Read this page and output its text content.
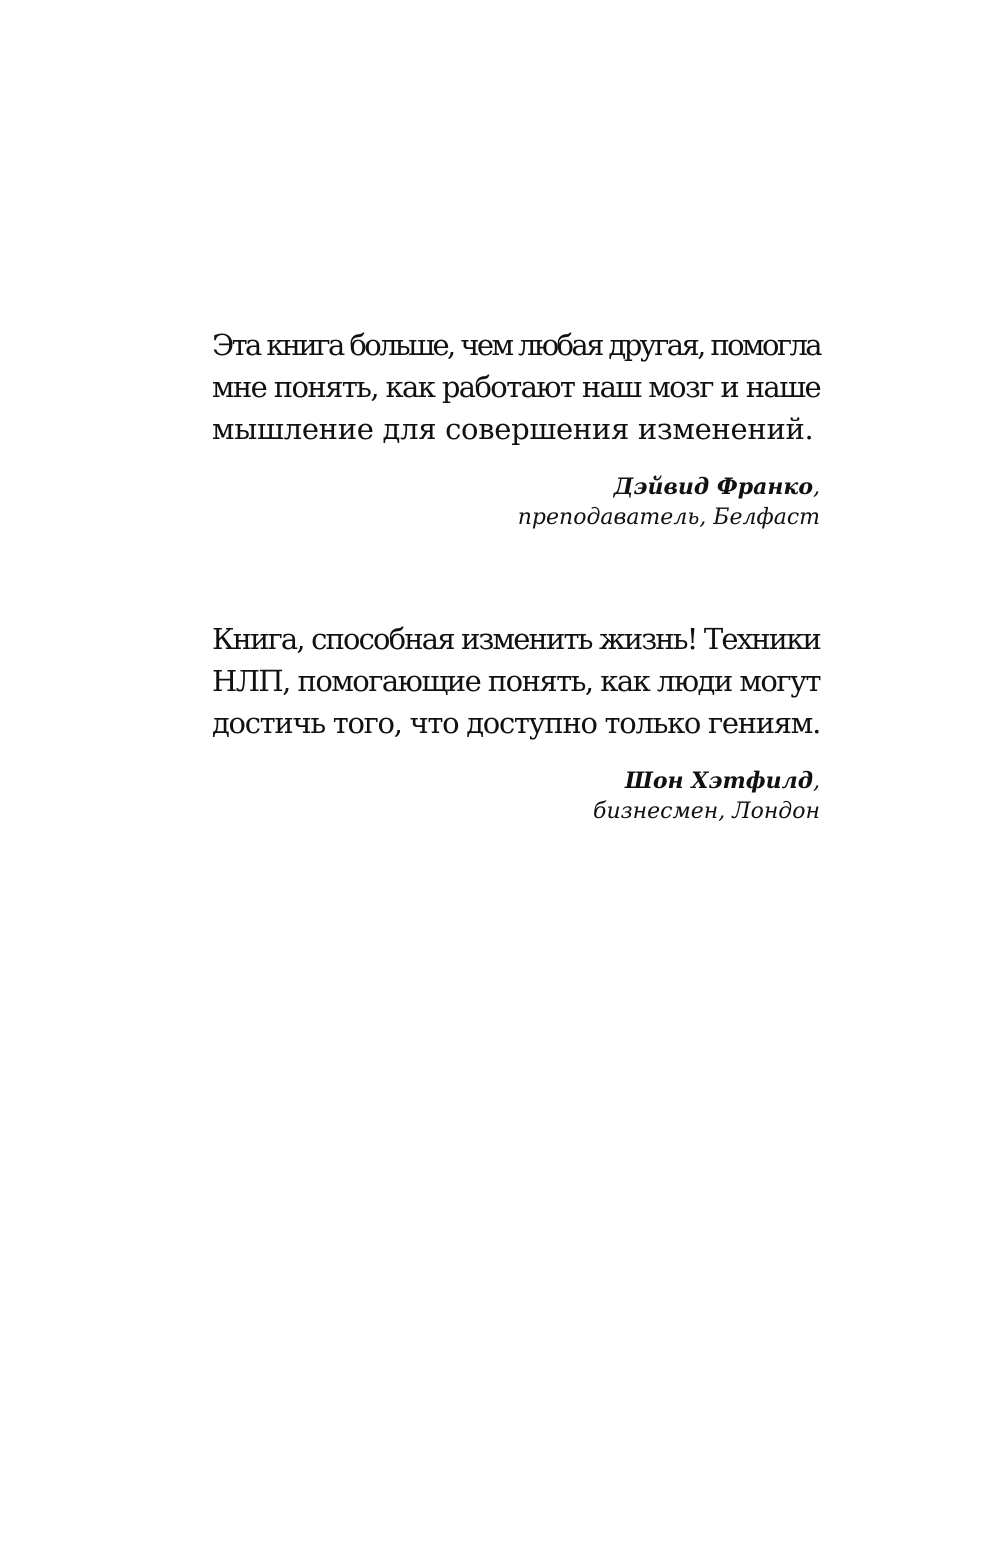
Эта книга больше, чем любая другая, помогла
мне понять, как работают наш мозг и наше
мышление для совершения изменений.

Дэйвид Франко,
преподаватель, Белфаст

Книга, способная изменить жизнь! Техники
НЛП, помогающие понять, как люди могут
достичь того, что доступно только гениям.

Шон Хэтфилд,
бизнесмен, Лондон
